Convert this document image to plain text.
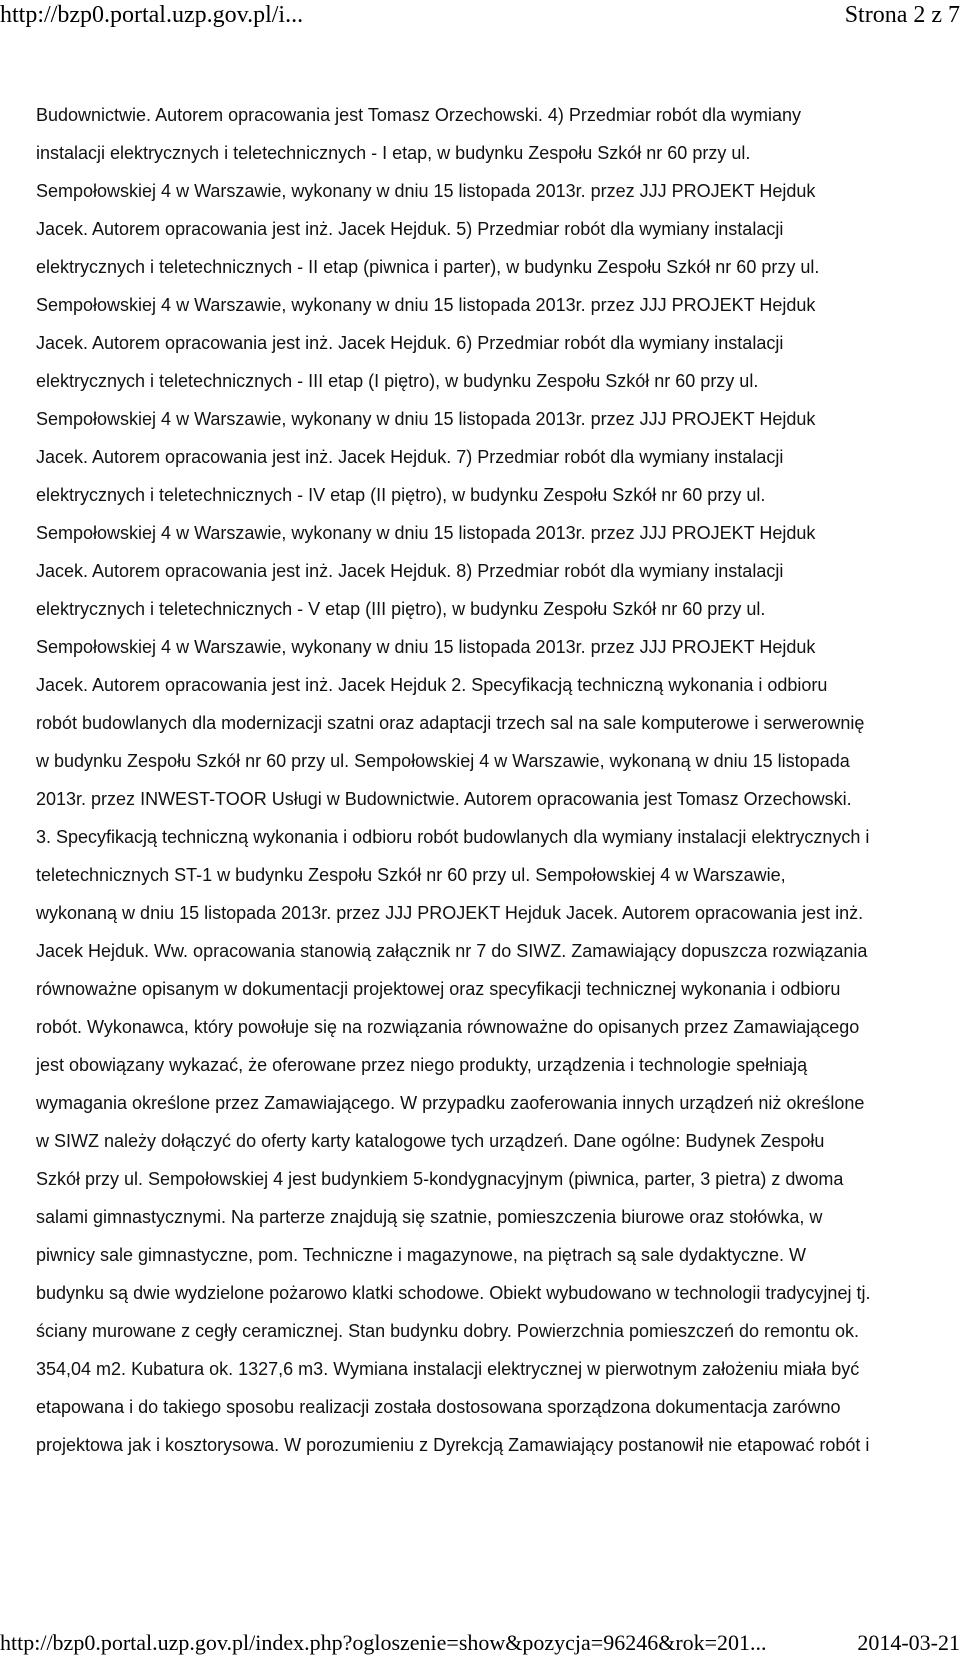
http://bzp0.portal.uzp.gov.pl/i...	Strona 2 z 7
Budownictwie. Autorem opracowania jest Tomasz Orzechowski. 4) Przedmiar robót dla wymiany
instalacji elektrycznych i teletechnicznych - I etap, w budynku Zespołu Szkół nr 60 przy ul.
Sempołowskiej 4 w Warszawie, wykonany w dniu 15 listopada 2013r. przez JJJ PROJEKT Hejduk
Jacek. Autorem opracowania jest inż. Jacek Hejduk. 5) Przedmiar robót dla wymiany instalacji
elektrycznych i teletechnicznych - II etap (piwnica i parter), w budynku Zespołu Szkół nr 60 przy ul.
Sempołowskiej 4 w Warszawie, wykonany w dniu 15 listopada 2013r. przez JJJ PROJEKT Hejduk
Jacek. Autorem opracowania jest inż. Jacek Hejduk. 6) Przedmiar robót dla wymiany instalacji
elektrycznych i teletechnicznych - III etap (I piętro), w budynku Zespołu Szkół nr 60 przy ul.
Sempołowskiej 4 w Warszawie, wykonany w dniu 15 listopada 2013r. przez JJJ PROJEKT Hejduk
Jacek. Autorem opracowania jest inż. Jacek Hejduk. 7) Przedmiar robót dla wymiany instalacji
elektrycznych i teletechnicznych - IV etap (II piętro), w budynku Zespołu Szkół nr 60 przy ul.
Sempołowskiej 4 w Warszawie, wykonany w dniu 15 listopada 2013r. przez JJJ PROJEKT Hejduk
Jacek. Autorem opracowania jest inż. Jacek Hejduk. 8) Przedmiar robót dla wymiany instalacji
elektrycznych i teletechnicznych - V etap (III piętro), w budynku Zespołu Szkół nr 60 przy ul.
Sempołowskiej 4 w Warszawie, wykonany w dniu 15 listopada 2013r. przez JJJ PROJEKT Hejduk
Jacek. Autorem opracowania jest inż. Jacek Hejduk 2. Specyfikacją techniczną wykonania i odbioru
robót budowlanych dla modernizacji szatni oraz adaptacji trzech sal na sale komputerowe i serwerownię
w budynku Zespołu Szkół nr 60 przy ul. Sempołowskiej 4 w Warszawie, wykonaną w dniu 15 listopada
2013r. przez INWEST-TOOR Usługi w Budownictwie. Autorem opracowania jest Tomasz Orzechowski.
3. Specyfikacją techniczną wykonania i odbioru robót budowlanych dla wymiany instalacji elektrycznych i
teletechnicznych ST-1 w budynku Zespołu Szkół nr 60 przy ul. Sempołowskiej 4 w Warszawie,
wykonaną w dniu 15 listopada 2013r. przez JJJ PROJEKT Hejduk Jacek. Autorem opracowania jest inż.
Jacek Hejduk. Ww. opracowania stanowią załącznik nr 7 do SIWZ. Zamawiający dopuszcza rozwiązania
równoważne opisanym w dokumentacji projektowej oraz specyfikacji technicznej wykonania i odbioru
robót. Wykonawca, który powołuje się na rozwiązania równoważne do opisanych przez Zamawiającego
jest obowiązany wykazać, że oferowane przez niego produkty, urządzenia i technologie spełniają
wymagania określone przez Zamawiającego. W przypadku zaoferowania innych urządzeń niż określone
w SIWZ należy dołączyć do oferty karty katalogowe tych urządzeń. Dane ogólne: Budynek Zespołu
Szkół przy ul. Sempołowskiej 4 jest budynkiem 5-kondygnacyjnym (piwnica, parter, 3 pietra) z dwoma
salami gimnastycznymi. Na parterze znajdują się szatnie, pomieszczenia biurowe oraz stołówka, w
piwnicy sale gimnastyczne, pom. Techniczne i magazynowe, na piętrach są sale dydaktyczne. W
budynku są dwie wydzielone pożarowo klatki schodowe. Obiekt wybudowano w technologii tradycyjnej tj.
ściany murowane z cegły ceramicznej. Stan budynku dobry. Powierzchnia pomieszczeń do remontu ok.
354,04 m2. Kubatura ok. 1327,6 m3. Wymiana instalacji elektrycznej w pierwotnym założeniu miała być
etapowana i do takiego sposobu realizacji została dostosowana sporządzona dokumentacja zarówno
projektowa jak i kosztorysowa. W porozumieniu z Dyrekcją Zamawiający postanowił nie etapować robót i
http://bzp0.portal.uzp.gov.pl/index.php?ogloszenie=show&pozycja=96246&rok=201...	2014-03-21
